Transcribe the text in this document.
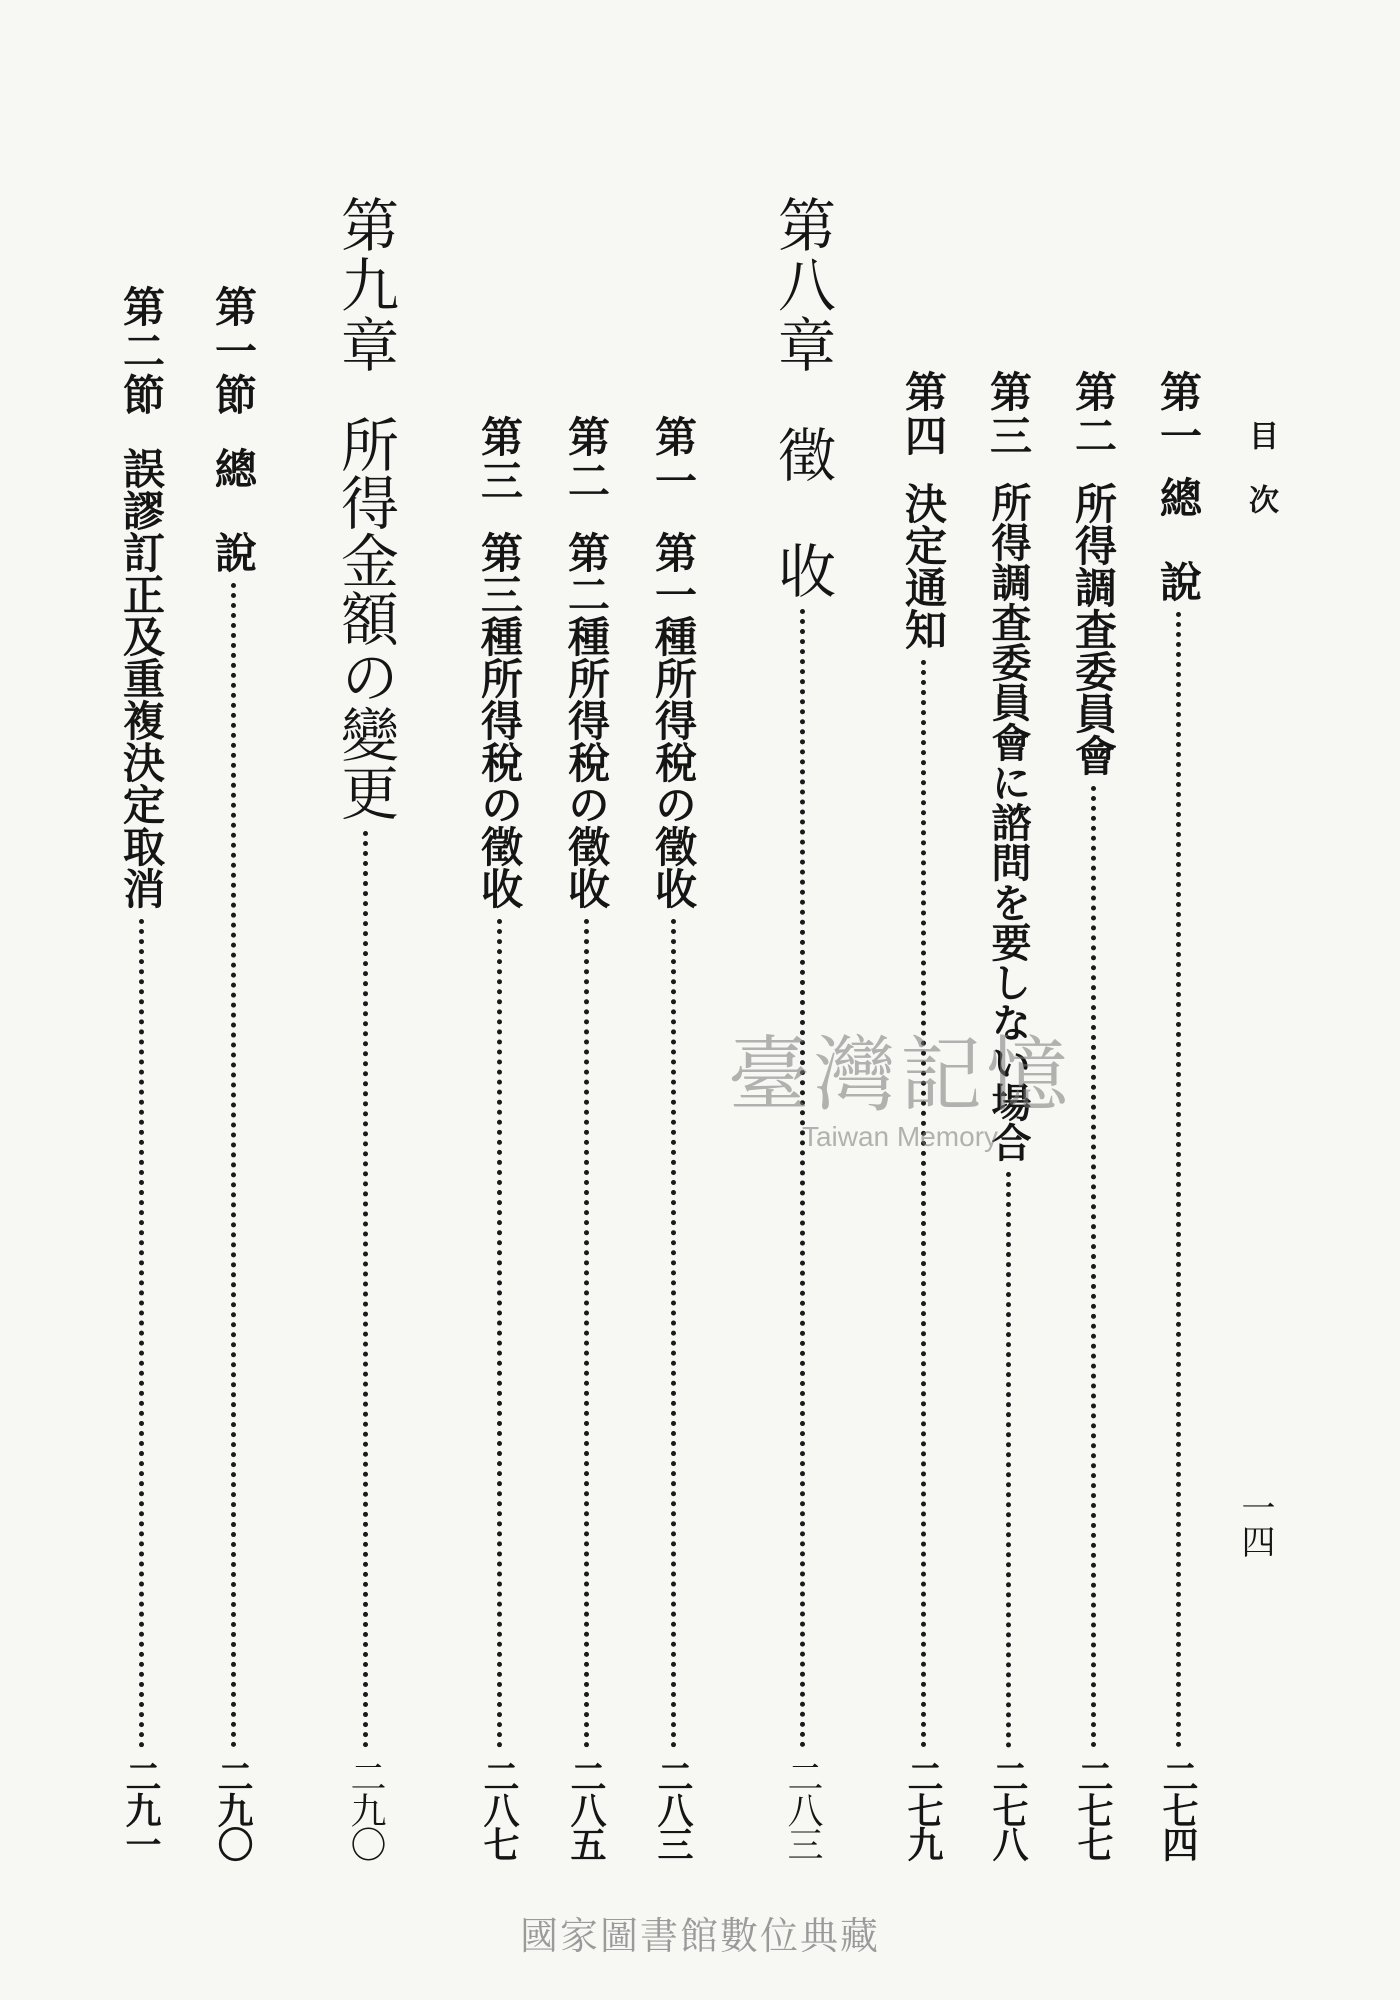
目次
一四
第一
總　說
二七四
第二
所得調査委員會
二七七
第三
所得調査委員會に諮問を要しない場合
二七八
第四
決定通知
二七九
第八章
徵　收
二八三
第一
第一種所得稅の徵收
二八三
第二
第二種所得稅の徵收
二八五
第三
第三種所得稅の徵收
二八七
第九章
所得金額の變更
二九〇
第一節
總　說
二九〇
第二節
誤謬訂正及重複決定取消
二九一
臺灣記憶
Taiwan Memory
國家圖書館數位典藏
